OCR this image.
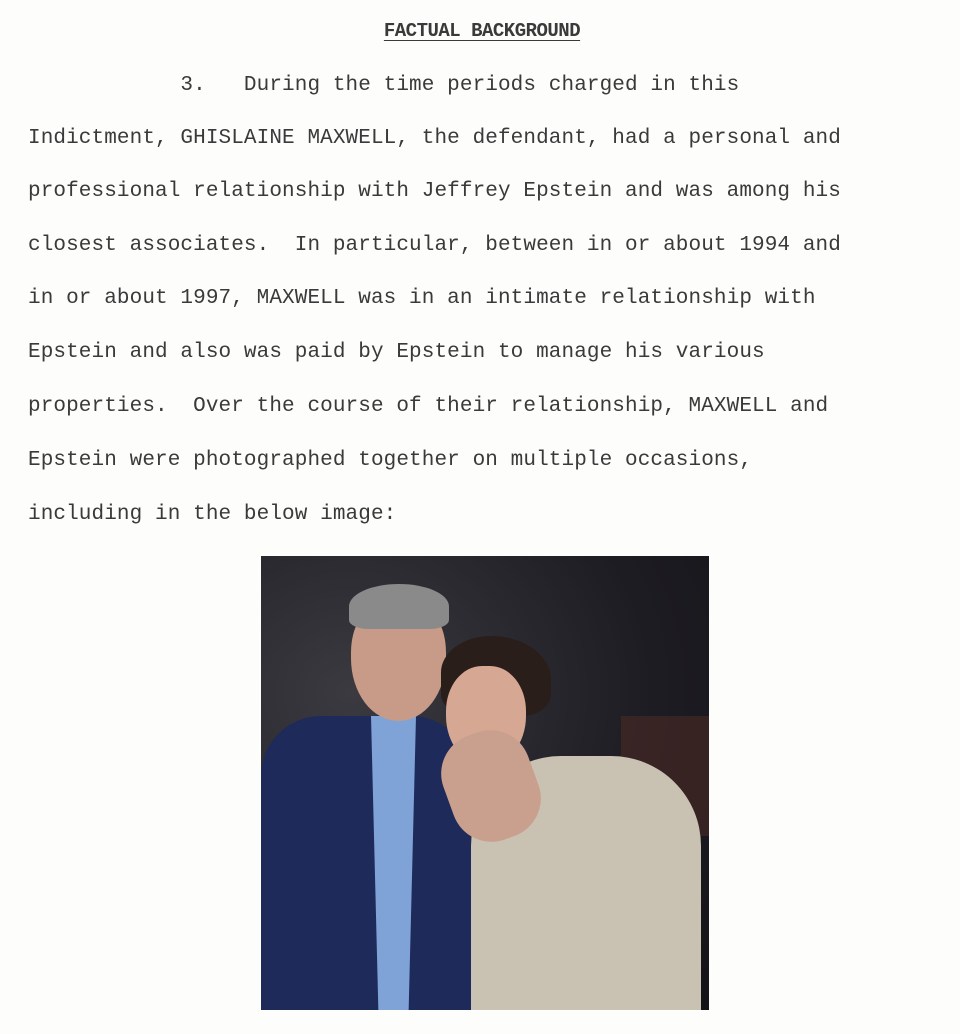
FACTUAL BACKGROUND
3.   During the time periods charged in this
Indictment, GHISLAINE MAXWELL, the defendant, had a personal and
professional relationship with Jeffrey Epstein and was among his
closest associates.  In particular, between in or about 1994 and
in or about 1997, MAXWELL was in an intimate relationship with
Epstein and also was paid by Epstein to manage his various
properties.  Over the course of their relationship, MAXWELL and
Epstein were photographed together on multiple occasions,
including in the below image:
